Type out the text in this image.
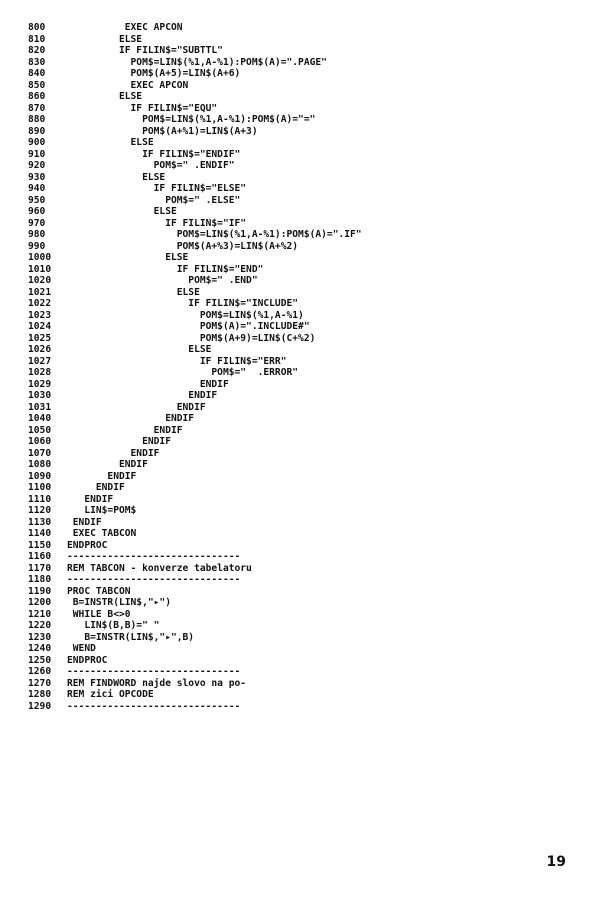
800	EXEC APCON
810	ELSE
820	IF FILIN$="SUBTTL"
830	POM$=LIN$(%1,A-%1):POM$(A)=".PAGE"
840	POM$(A+5)=LIN$(A+6)
850	EXEC APCON
860	ELSE
870	IF FILIN$="EQU"
880	POM$=LIN$(%1,A-%1):POM$(A)="="
890	POM$(A+%1)=LIN$(A+3)
900	ELSE
910	IF FILIN$="ENDIF"
920	POM$=" .ENDIF"
930	ELSE
940	IF FILIN$="ELSE"
950	POM$=" .ELSE"
960	ELSE
970	IF FILIN$="IF"
980	POM$=LIN$(%1,A-%1):POM$(A)=".IF"
990	POM$(A+%3)=LIN$(A+%2)
1000	ELSE
1010	IF FILIN$="END"
1020	POM$=" .END"
1021	ELSE
1022	IF FILIN$="INCLUDE"
1023	POM$=LIN$(%1,A-%1)
1024	POM$(A)=".INCLUDE#"
1025	POM$(A+9)=LIN$(C+%2)
1026	ELSE
1027	IF FILIN$="ERR"
1028	POM$="  .ERROR"
1029	ENDIF
1030	ENDIF
1031	ENDIF
1040	ENDIF
1050	ENDIF
1060	ENDIF
1070	ENDIF
1080	ENDIF
1090	ENDIF
1100	ENDIF
1110	ENDIF
1120	LIN$=POM$
1130	ENDIF
1140	EXEC TABCON
1150	ENDPROC
1160	------------------------------
1170	REM TABCON - konverze tabelatoru
1180	------------------------------
1190	PROC TABCON
1200	B=INSTR(LIN$,"▸")
1210	WHILE B<>0
1220	LIN$(B,B)=" "
1230	B=INSTR(LIN$,"▸",B)
1240	WEND
1250	ENDPROC
1260	------------------------------
1270	REM FINDWORD najde slovo na po-
1280	REM zici OPCODE
1290	------------------------------
19
